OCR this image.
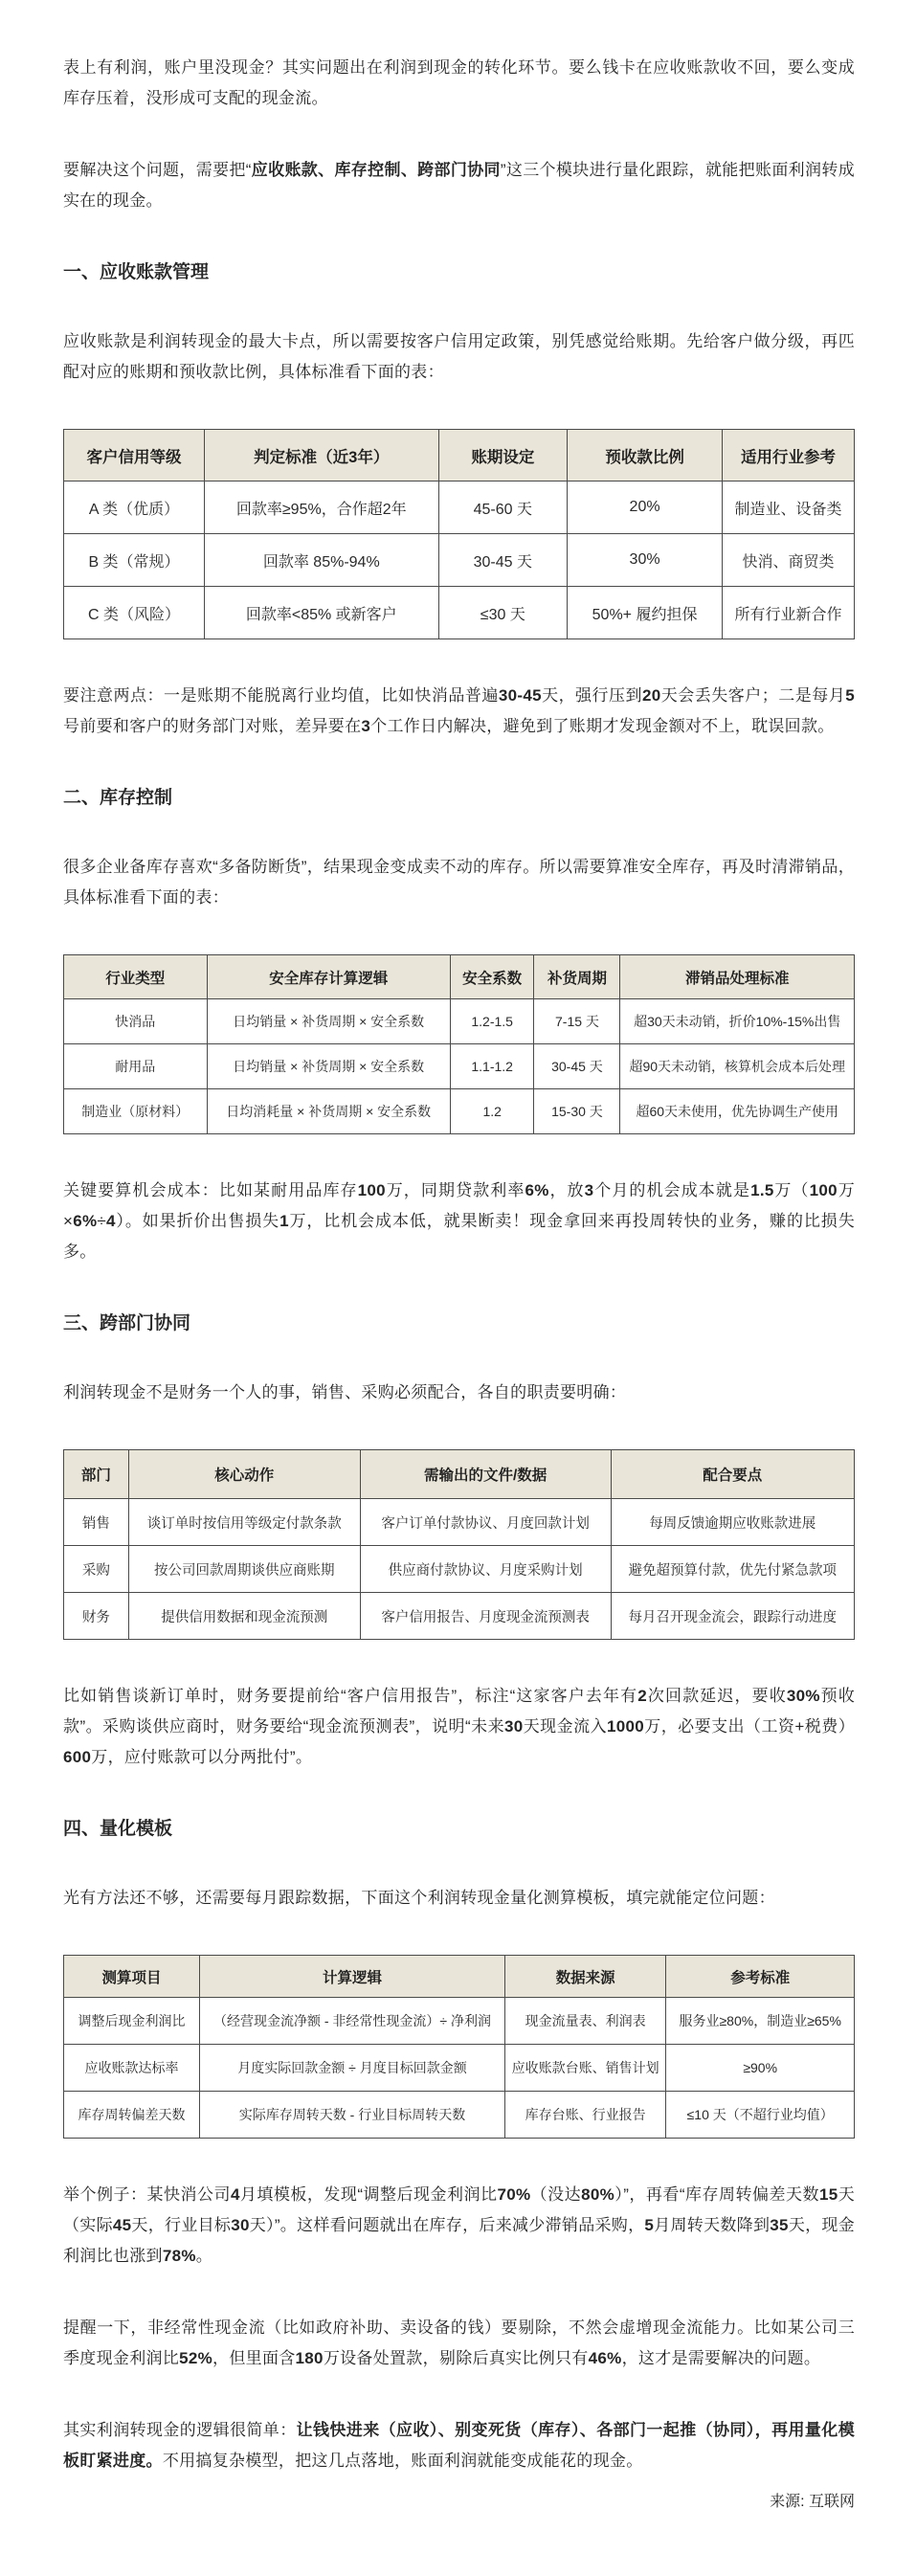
表上有利润，账户里没现金？其实问题出在利润到现金的转化环节。要么钱卡在应收账款收不回，要么变成库存压着，没形成可支配的现金流。

要解决这个问题，需要把“应收账款、库存控制、跨部门协同”这三个模块进行量化跟踪，就能把账面利润转成实在的现金。

一、应收账款管理

应收账款是利润转现金的最大卡点，所以需要按客户信用定政策，别凭感觉给账期。先给客户做分级，再匹配对应的账期和预收款比例，具体标准看下面的表：

客户信用等级	判定标准（近3年）	账期设定	预收款比例	适用行业参考
A 类（优质）	回款率≥95%，合作超2年	45-60 天	20%	制造业、设备类
B 类（常规）	回款率 85%-94%	30-45 天	30%	快消、商贸类
C 类（风险）	回款率<85% 或新客户	≤30 天	50%+ 履约担保	所有行业新合作

要注意两点：一是账期不能脱离行业均值，比如快消品普遍30-45天，强行压到20天会丢失客户；二是每月5号前要和客户的财务部门对账，差异要在3个工作日内解决，避免到了账期才发现金额对不上，耽误回款。

二、库存控制

很多企业备库存喜欢“多备防断货”，结果现金变成卖不动的库存。所以需要算准安全库存，再及时清滞销品，具体标准看下面的表：

行业类型	安全库存计算逻辑	安全系数	补货周期	滞销品处理标准
快消品	日均销量 × 补货周期 × 安全系数	1.2-1.5	7-15 天	超30天未动销，折价10%-15%出售
耐用品	日均销量 × 补货周期 × 安全系数	1.1-1.2	30-45 天	超90天未动销，核算机会成本后处理
制造业（原材料）	日均消耗量 × 补货周期 × 安全系数	1.2	15-30 天	超60天未使用，优先协调生产使用

关键要算机会成本：比如某耐用品库存100万，同期贷款利率6%，放3个月的机会成本就是1.5万（100万×6%÷4）。如果折价出售损失1万，比机会成本低，就果断卖！现金拿回来再投周转快的业务，赚的比损失多。

三、跨部门协同

利润转现金不是财务一个人的事，销售、采购必须配合，各自的职责要明确：

部门	核心动作	需输出的文件/数据	配合要点
销售	谈订单时按信用等级定付款条款	客户订单付款协议、月度回款计划	每周反馈逾期应收账款进展
采购	按公司回款周期谈供应商账期	供应商付款协议、月度采购计划	避免超预算付款，优先付紧急款项
财务	提供信用数据和现金流预测	客户信用报告、月度现金流预测表	每月召开现金流会，跟踪行动进度

比如销售谈新订单时，财务要提前给“客户信用报告”，标注“这家客户去年有2次回款延迟，要收30%预收款”。采购谈供应商时，财务要给“现金流预测表”，说明“未来30天现金流入1000万，必要支出（工资+税费）600万，应付账款可以分两批付”。

四、量化模板

光有方法还不够，还需要每月跟踪数据，下面这个利润转现金量化测算模板，填完就能定位问题：

测算项目	计算逻辑	数据来源	参考标准
调整后现金利润比	（经营现金流净额 - 非经常性现金流）÷ 净利润	现金流量表、利润表	服务业≥80%，制造业≥65%
应收账款达标率	月度实际回款金额 ÷ 月度目标回款金额	应收账款台账、销售计划	≥90%
库存周转偏差天数	实际库存周转天数 - 行业目标周转天数	库存台账、行业报告	≤10 天（不超行业均值）

举个例子：某快消公司4月填模板，发现“调整后现金利润比70%（没达80%）”，再看“库存周转偏差天数15天（实际45天，行业目标30天）”。这样看问题就出在库存，后来减少滞销品采购，5月周转天数降到35天，现金利润比也涨到78%。

提醒一下，非经常性现金流（比如政府补助、卖设备的钱）要剔除，不然会虚增现金流能力。比如某公司三季度现金利润比52%，但里面含180万设备处置款，剔除后真实比例只有46%，这才是需要解决的问题。

其实利润转现金的逻辑很简单：让钱快进来（应收）、别变死货（库存）、各部门一起推（协同），再用量化模板盯紧进度。不用搞复杂模型，把这几点落地，账面利润就能变成能花的现金。

来源: 互联网
